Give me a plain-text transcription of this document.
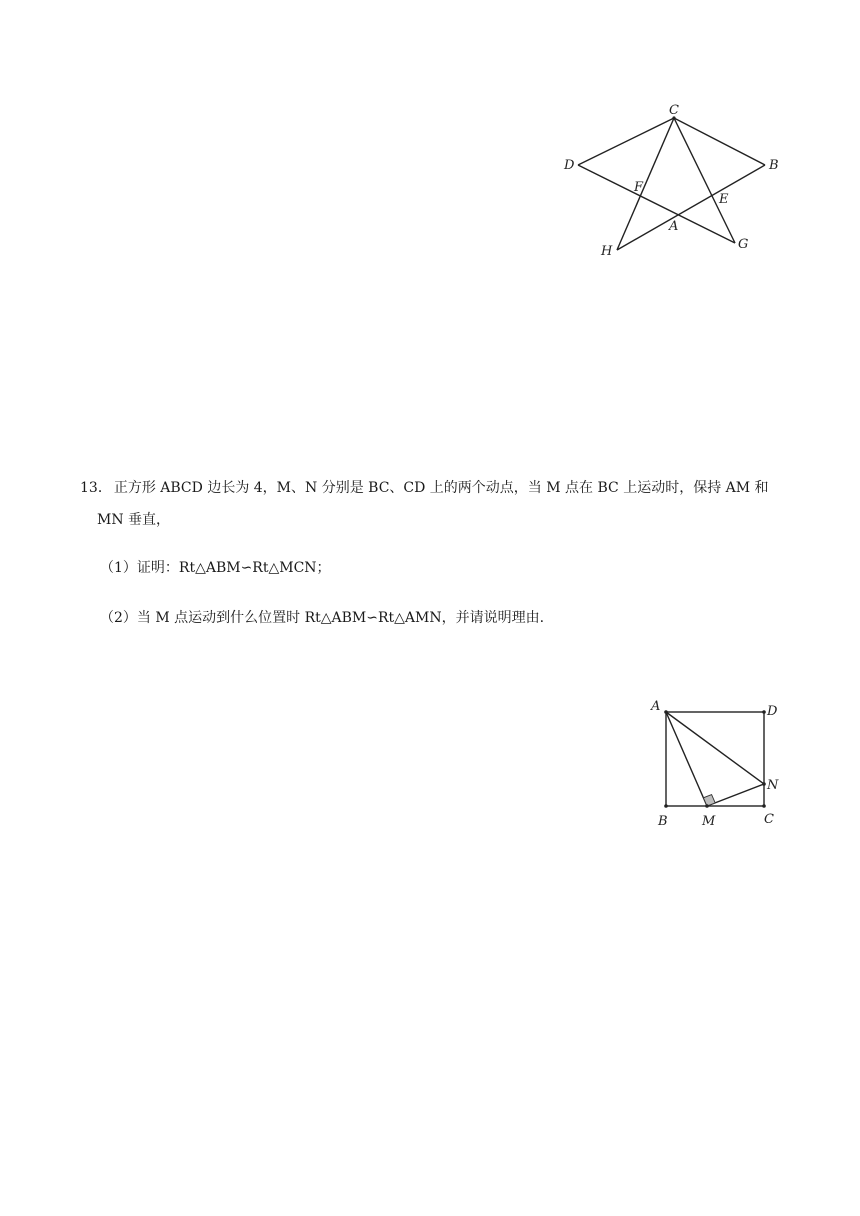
C
D	B
F
E
A
H	G
13． 正方形 ABCD 边长为 4，M、N 分别是 BC、CD 上的两个动点，当 M 点在 BC 上运动时，保持 AM 和
MN 垂直，
（1）证明：Rt△ABM∽Rt△MCN；
（2）当 M 点运动到什么位置时 Rt△ABM∽Rt△AMN，并请说明理由.
A	D
N
B	M	C
